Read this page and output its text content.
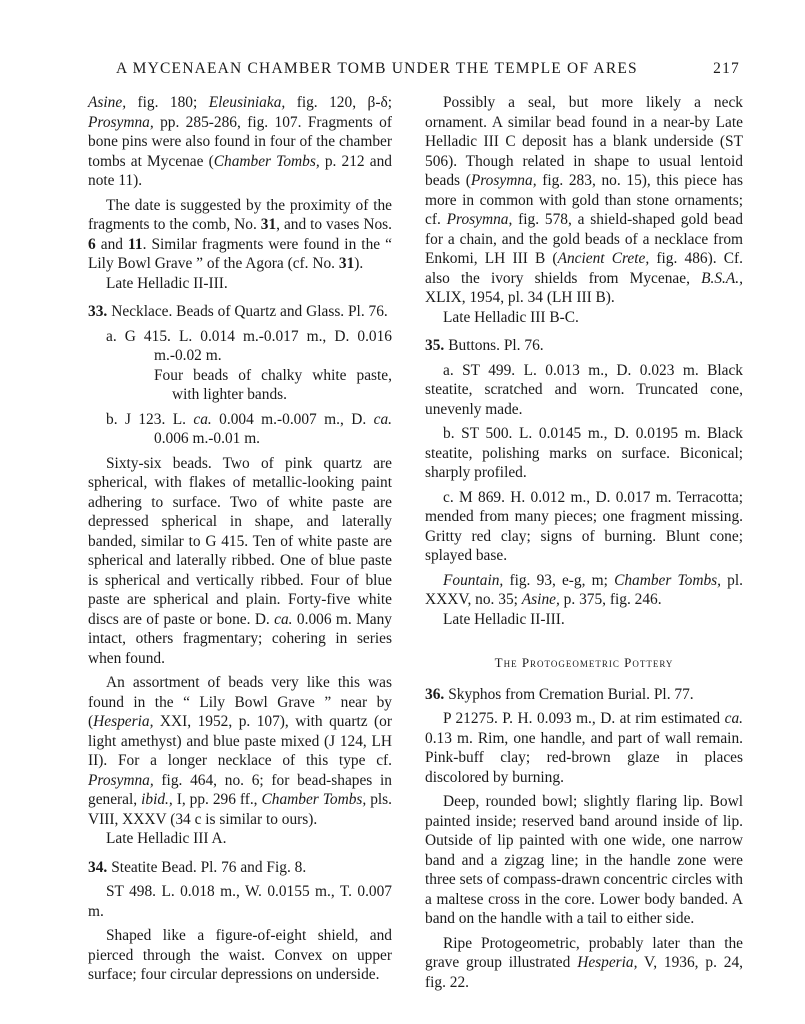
A MYCENAEAN CHAMBER TOMB UNDER THE TEMPLE OF ARES	217

Asine, fig. 180; Eleusiniaka, fig. 120, β-δ; Prosymna, pp. 285-286, fig. 107. Fragments of bone pins were also found in four of the chamber tombs at Mycenae (Chamber Tombs, p. 212 and note 11).

The date is suggested by the proximity of the fragments to the comb, No. 31, and to vases Nos. 6 and 11. Similar fragments were found in the “ Lily Bowl Grave ” of the Agora (cf. No. 31).

Late Helladic II-III.

33. Necklace. Beads of Quartz and Glass. Pl. 76.

a. G 415. L. 0.014 m.-0.017 m., D. 0.016 m.-0.02 m.
Four beads of chalky white paste, with lighter bands.
b. J 123. L. ca. 0.004 m.-0.007 m., D. ca. 0.006 m.-0.01 m.

Sixty-six beads. Two of pink quartz are spherical, with flakes of metallic-looking paint adhering to surface. Two of white paste are depressed spherical in shape, and laterally banded, similar to G 415. Ten of white paste are spherical and laterally ribbed. One of blue paste is spherical and vertically ribbed. Four of blue paste are spherical and plain. Forty-five white discs are of paste or bone. D. ca. 0.006 m. Many intact, others fragmentary; cohering in series when found.

An assortment of beads very like this was found in the “ Lily Bowl Grave ” near by (Hesperia, XXI, 1952, p. 107), with quartz (or light amethyst) and blue paste mixed (J 124, LH II). For a longer necklace of this type cf. Prosymna, fig. 464, no. 6; for bead-shapes in general, ibid., I, pp. 296 ff., Chamber Tombs, pls. VIII, XXXV (34 c is similar to ours).

Late Helladic III A.

34. Steatite Bead. Pl. 76 and Fig. 8.

ST 498. L. 0.018 m., W. 0.0155 m., T. 0.007 m.

Shaped like a figure-of-eight shield, and pierced through the waist. Convex on upper surface; four circular depressions on underside.

Possibly a seal, but more likely a neck ornament. A similar bead found in a near-by Late Helladic III C deposit has a blank underside (ST 506). Though related in shape to usual lentoid beads (Prosymna, fig. 283, no. 15), this piece has more in common with gold than stone ornaments; cf. Prosymna, fig. 578, a shield-shaped gold bead for a chain, and the gold beads of a necklace from Enkomi, LH III B (Ancient Crete, fig. 486). Cf. also the ivory shields from Mycenae, B.S.A., XLIX, 1954, pl. 34 (LH III B).

Late Helladic III B-C.

35. Buttons. Pl. 76.

a. ST 499. L. 0.013 m., D. 0.023 m. Black steatite, scratched and worn. Truncated cone, unevenly made.

b. ST 500. L. 0.0145 m., D. 0.0195 m. Black steatite, polishing marks on surface. Biconical; sharply profiled.

c. M 869. H. 0.012 m., D. 0.017 m. Terracotta; mended from many pieces; one fragment missing. Gritty red clay; signs of burning. Blunt cone; splayed base.

Fountain, fig. 93, e-g, m; Chamber Tombs, pl. XXXV, no. 35; Asine, p. 375, fig. 246.

Late Helladic II-III.

The Protogeometric Pottery

36. Skyphos from Cremation Burial. Pl. 77.

P 21275. P. H. 0.093 m., D. at rim estimated ca. 0.13 m. Rim, one handle, and part of wall remain. Pink-buff clay; red-brown glaze in places discolored by burning.

Deep, rounded bowl; slightly flaring lip. Bowl painted inside; reserved band around inside of lip. Outside of lip painted with one wide, one narrow band and a zigzag line; in the handle zone were three sets of compass-drawn concentric circles with a maltese cross in the core. Lower body banded. A band on the handle with a tail to either side.

Ripe Protogeometric, probably later than the grave group illustrated Hesperia, V, 1936, p. 24, fig. 22.
